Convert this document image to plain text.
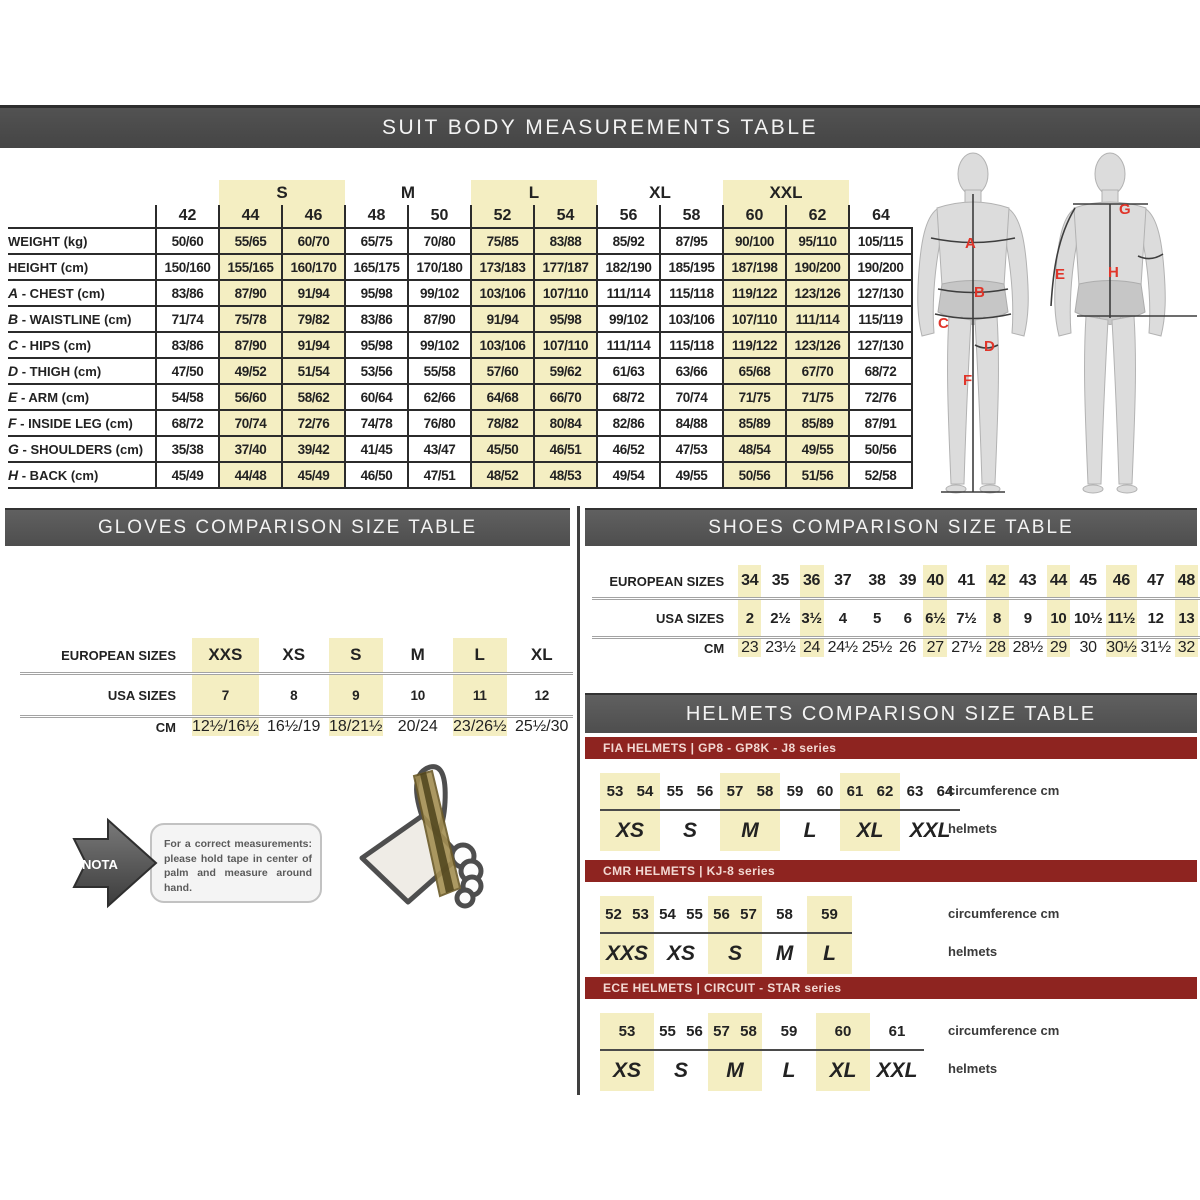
SUIT BODY MEASUREMENTS TABLE
		S		M		L		XL		XXL		
	42	44	46	48	50	52	54	56	58	60	62	64
WEIGHT (kg)	50/60	55/65	60/70	65/75	70/80	75/85	83/88	85/92	87/95	90/100	95/110	105/115
HEIGHT (cm)	150/160	155/165	160/170	165/175	170/180	173/183	177/187	182/190	185/195	187/198	190/200	190/200
A - CHEST (cm)	83/86	87/90	91/94	95/98	99/102	103/106	107/110	111/114	115/118	119/122	123/126	127/130
B - WAISTLINE (cm)	71/74	75/78	79/82	83/86	87/90	91/94	95/98	99/102	103/106	107/110	111/114	115/119
C - HIPS (cm)	83/86	87/90	91/94	95/98	99/102	103/106	107/110	111/114	115/118	119/122	123/126	127/130
D - THIGH (cm)	47/50	49/52	51/54	53/56	55/58	57/60	59/62	61/63	63/66	65/68	67/70	68/72
E - ARM (cm)	54/58	56/60	58/62	60/64	62/66	64/68	66/70	68/72	70/74	71/75	71/75	72/76
F - INSIDE LEG (cm)	68/72	70/74	72/76	74/78	76/80	78/82	80/84	82/86	84/88	85/89	85/89	87/91
G - SHOULDERS (cm)	35/38	37/40	39/42	41/45	43/47	45/50	46/51	46/52	47/53	48/54	49/55	50/56
H - BACK (cm)	45/49	44/48	45/49	46/50	47/51	48/52	48/53	49/54	49/55	50/56	51/56	52/58
A
B
C
D
F
G
E	H
GLOVES COMPARISON SIZE TABLE
EUROPEAN SIZES	XXS	XS	S	M	L	XL
USA SIZES	7	8	9	10	11	12
CM	12½/16½	16½/19	18/21½	20/24	23/26½	25½/30
NOTA
For a correct measurements: please hold tape in center of palm and measure around hand.
SHOES COMPARISON SIZE TABLE
EUROPEAN SIZES	34	35	36	37	38	39	40	41	42	43	44	45	46	47	48
USA SIZES	2	2½	3½	4	5	6	6½	7½	8	9	10	10½	11½	12	13
CM	23	23½	24	24½	25½	26	27	27½	28	28½	29	30	30½	31½	32
HELMETS COMPARISON SIZE TABLE
FIA HELMETS | GP8 - GP8K - J8 series
53	54	55	56	57	58	59	60	61	62	63	64
XS		S		M		L		XL		XXL	
circumference cm
helmets
CMR HELMETS | KJ-8 series
52	53	54	55	56	57	58	59
XXS		XS		S		M	L
circumference cm
helmets
ECE HELMETS | CIRCUIT - STAR series
53	55	56	57	58	59	60	61
XS	S		M		L	XL	XXL
circumference cm
helmets
